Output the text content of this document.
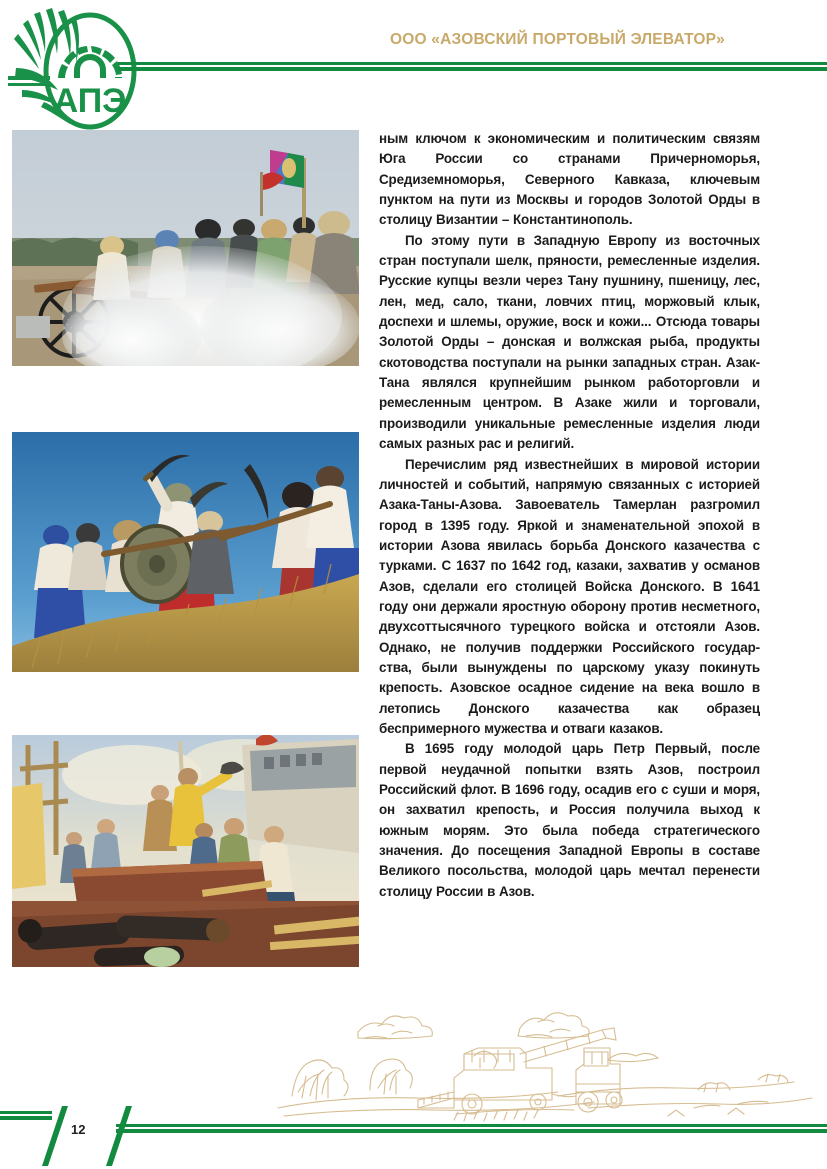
АПЭ
ООО «АЗОВСКИЙ ПОРТОВЫЙ ЭЛЕВАТОР»

ным ключом к экономическим и политическим связям Юга России со странами Причерноморья, Средиземноморья, Северного Кавказа, ключевым пунктом на пути из Москвы и городов Золотой Орды в столицу Византии – Константинополь.

По этому пути в Западную Европу из восточных стран поступали шелк, пряности, ремесленные изделия. Русские купцы везли через Тану пушнину, пшеницу, лес, лен, мед, сало, ткани, ловчих птиц, моржовый клык, доспехи и шлемы, оружие, воск и кожи... Отсюда товары Золотой Орды – донская и волжская рыба, продукты скотоводства поступали на рынки западных стран. Азак-Тана являлся крупнейшим рынком работорговли и ремесленным центром. В Азаке жили и торговали, производили уникальные ремесленные изделия люди самых разных рас и религий.

Перечислим ряд известнейших в мировой истории личностей и событий, напрямую связанных с историей Азака-Таны-Азова. Завоеватель Тамерлан разгромил город в 1395 году. Яркой и знаменательной эпохой в истории Азова явилась борьба Донского казачества с турками. С 1637 по 1642 год, казаки, захватив у османов Азов, сделали его столицей Войска Донского. В 1641 году они держали яростную оборону против несметного, двухсоттысячного турецкого войска и отстояли Азов. Однако, не получив поддержки Российского государ-ства, были вынуждены по царскому указу покинуть крепость. Азовское осадное сидение на века вошло в летопись Донского казачества как образец беспримерного мужества и отваги казаков.

В 1695 году молодой царь Петр Первый, после первой неудачной попытки взять Азов, построил Российский флот. В 1696 году, осадив его с суши и моря, он захватил крепость, и Россия получила выход к южным морям. Это была победа стратегического значения. До посещения Западной Европы в составе Великого посольства, молодой царь мечтал перенести столицу России в Азов.

12
